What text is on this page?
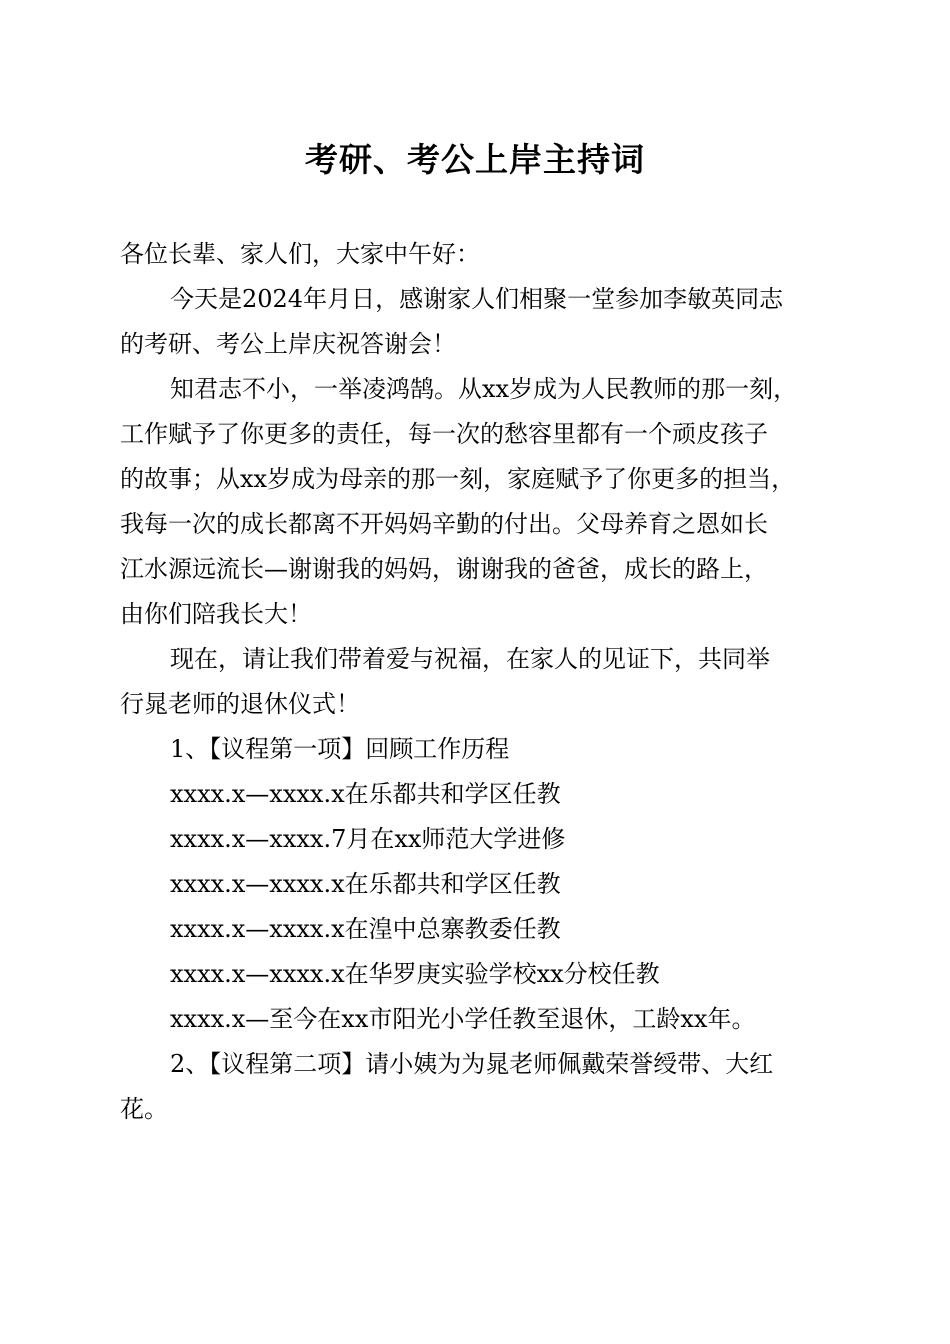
考研、考公上岸主持词

各位长辈、家人们，大家中午好：

今天是2024年月日，感谢家人们相聚一堂参加李敏英同志

的考研、考公上岸庆祝答谢会！

知君志不小，一举凌鸿鹄。从xx岁成为人民教师的那一刻，

工作赋予了你更多的责任，每一次的愁容里都有一个顽皮孩子

的故事；从xx岁成为母亲的那一刻，家庭赋予了你更多的担当，

我每一次的成长都离不开妈妈辛勤的付出。父母养育之恩如长

江水源远流长—谢谢我的妈妈，谢谢我的爸爸，成长的路上，

由你们陪我长大！

现在，请让我们带着爱与祝福，在家人的见证下，共同举

行晁老师的退休仪式！

1、【议程第一项】回顾工作历程

xxxx.x—xxxx.x在乐都共和学区任教

xxxx.x—xxxx.7月在xx师范大学进修

xxxx.x—xxxx.x在乐都共和学区任教

xxxx.x—xxxx.x在湟中总寨教委任教

xxxx.x—xxxx.x在华罗庚实验学校xx分校任教

xxxx.x—至今在xx市阳光小学任教至退休，工龄xx年。

2、【议程第二项】请小姨为为晁老师佩戴荣誉绶带、大红

花。
